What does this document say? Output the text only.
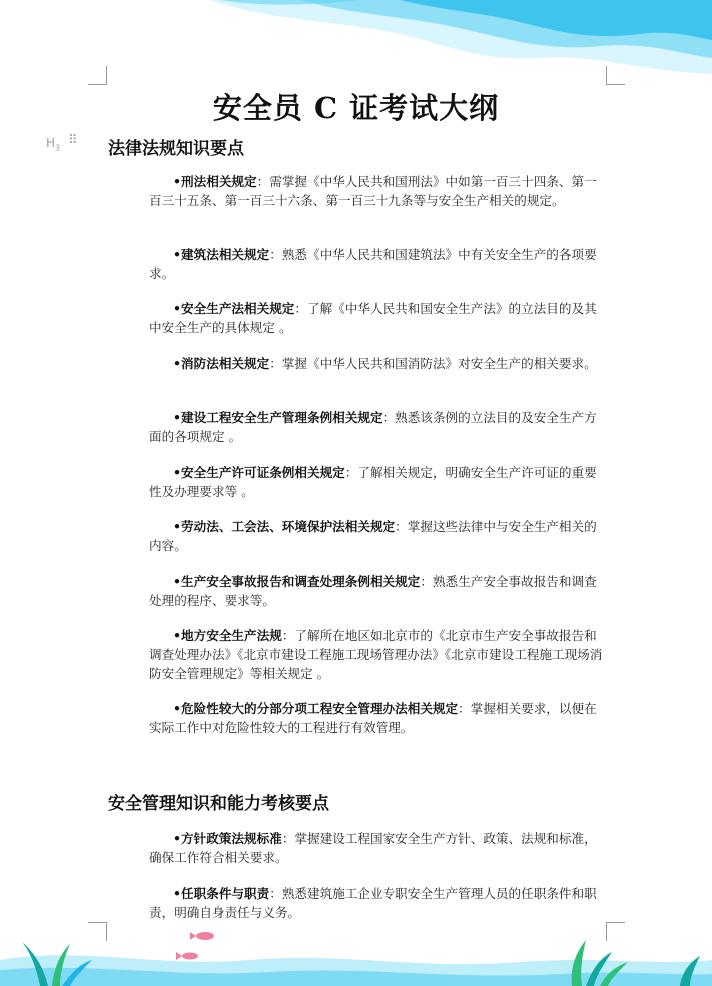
安全员 C 证考试大纲
$H_3$ ⠿ 法律法规知识要点
•刑法相关规定：需掌握《中华人民共和国刑法》中如第一百三十四条、第一百三十五条、第一百三十六条、第一百三十九条等与安全生产相关的规定。
•建筑法相关规定：熟悉《中华人民共和国建筑法》中有关安全生产的各项要求。
•安全生产法相关规定：了解《中华人民共和国安全生产法》的立法目的及其中安全生产的具体规定 。
•消防法相关规定：掌握《中华人民共和国消防法》对安全生产的相关要求。
•建设工程安全生产管理条例相关规定：熟悉该条例的立法目的及安全生产方面的各项规定 。
•安全生产许可证条例相关规定：了解相关规定，明确安全生产许可证的重要性及办理要求等 。
•劳动法、工会法、环境保护法相关规定：掌握这些法律中与安全生产相关的内容。
•生产安全事故报告和调查处理条例相关规定：熟悉生产安全事故报告和调查处理的程序、要求等。
•地方安全生产法规：了解所在地区如北京市的《北京市生产安全事故报告和调查处理办法》《北京市建设工程施工现场管理办法》《北京市建设工程施工现场消防安全管理规定》等相关规定 。
•危险性较大的分部分项工程安全管理办法相关规定：掌握相关要求，以便在实际工作中对危险性较大的工程进行有效管理。
安全管理知识和能力考核要点
•方针政策法规标准：掌握建设工程国家安全生产方针、政策、法规和标准，确保工作符合相关要求。
•任职条件与职责：熟悉建筑施工企业专职安全生产管理人员的任职条件和职责，明确自身责任与义务。
